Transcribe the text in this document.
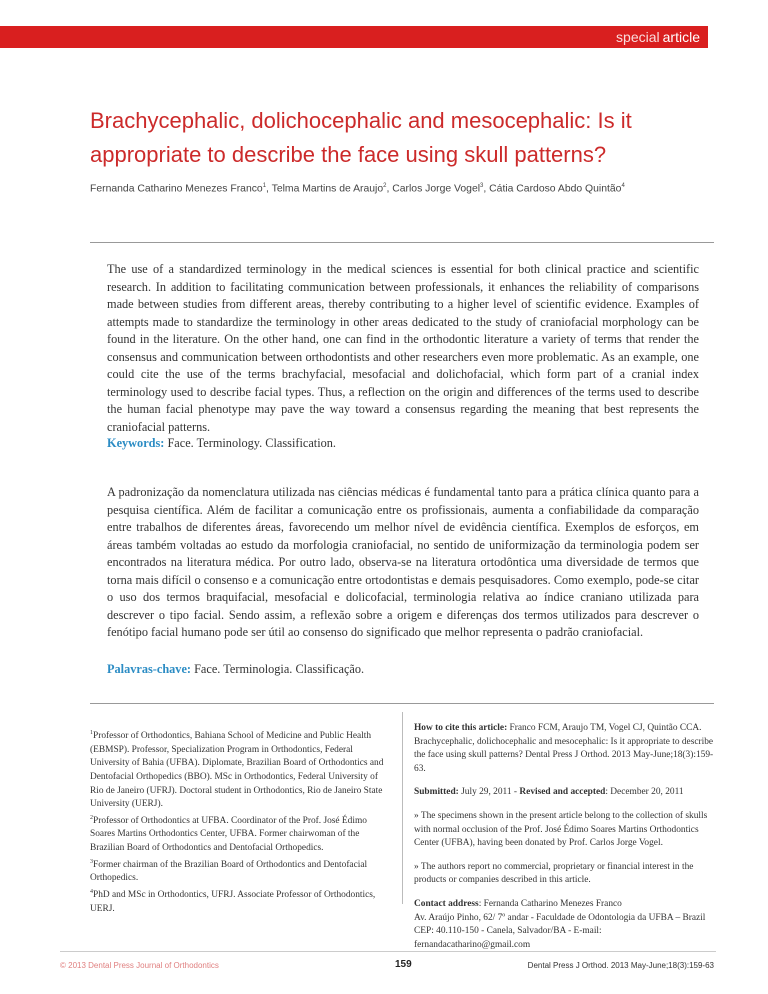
special article
Brachycephalic, dolichocephalic and mesocephalic: Is it appropriate to describe the face using skull patterns?

Fernanda Catharino Menezes Franco$^1$, Telma Martins de Araujo$^2$, Carlos Jorge Vogel$^3$, Cátia Cardoso Abdo Quintão$^4$

The use of a standardized terminology in the medical sciences is essential for both clinical practice and scientific research. In addition to facilitating communication between professionals, it enhances the reliability of comparisons made between studies from different areas, thereby contributing to a higher level of scientific evidence. Examples of attempts made to standardize the terminology in other areas dedicated to the study of craniofacial morphology can be found in the literature. On the other hand, one can find in the orthodontic literature a variety of terms that render the consensus and communication between orthodontists and other researchers even more problematic. As an example, one could cite the use of the terms brachyfacial, mesofacial and dolichofacial, which form part of a cranial index terminology used to describe facial types. Thus, a reflection on the origin and differences of the terms used to describe the human facial phenotype may pave the way toward a consensus regarding the meaning that best represents the craniofacial patterns.

Keywords: Face. Terminology. Classification.

A padronização da nomenclatura utilizada nas ciências médicas é fundamental tanto para a prática clínica quanto para a pesquisa científica. Além de facilitar a comunicação entre os profissionais, aumenta a confiabilidade da comparação entre trabalhos de diferentes áreas, favorecendo um melhor nível de evidência científica. Exemplos de esforços, em áreas também voltadas ao estudo da morfologia craniofacial, no sentido de uniformização da terminologia podem ser encontrados na literatura médica. Por outro lado, observa-se na literatura ortodôntica uma diversidade de termos que torna mais difícil o consenso e a comunicação entre ortodontistas e demais pesquisadores. Como exemplo, pode-se citar o uso dos termos braquifacial, mesofacial e dolicofacial, terminologia relativa ao índice craniano utilizada para descrever o tipo facial. Sendo assim, a reflexão sobre a origem e diferenças dos termos utilizados para descrever o fenótipo facial humano pode ser útil ao consenso do significado que melhor representa o padrão craniofacial.

Palavras-chave: Face. Terminologia. Classificação.

$^1$Professor of Orthodontics, Bahiana School of Medicine and Public Health (EBMSP). Professor, Specialization Program in Orthodontics, Federal University of Bahia (UFBA). Diplomate, Brazilian Board of Orthodontics and Dentofacial Orthopedics (BBO). MSc in Orthodontics, Federal University of Rio de Janeiro (UFRJ). Doctoral student in Orthodontics, Rio de Janeiro State University (UERJ).

$^2$Professor of Orthodontics at UFBA. Coordinator of the Prof. José Édimo Soares Martins Orthodontics Center, UFBA. Former chairwoman of the Brazilian Board of Orthodontics and Dentofacial Orthopedics.

$^3$Former chairman of the Brazilian Board of Orthodontics and Dentofacial Orthopedics.

$^4$PhD and MSc in Orthodontics, UFRJ. Associate Professor of Orthodontics, UERJ.

How to cite this article: Franco FCM, Araujo TM, Vogel CJ, Quintão CCA. Brachycephalic, dolichocephalic and mesocephalic: Is it appropriate to describe the face using skull patterns? Dental Press J Orthod. 2013 May-June;18(3):159-63.

Submitted: July 29, 2011 - Revised and accepted: December 20, 2011

» The specimens shown in the present article belong to the collection of skulls with normal occlusion of the Prof. José Édimo Soares Martins Orthodontics Center (UFBA), having been donated by Prof. Carlos Jorge Vogel.

» The authors report no commercial, proprietary or financial interest in the products or companies described in this article.

Contact address: Fernanda Catharino Menezes Franco
Av. Araújo Pinho, 62/ 7º andar - Faculdade de Odontologia da UFBA – Brazil
CEP: 40.110-150 - Canela, Salvador/BA - E-mail: fernandacatharino@gmail.com

© 2013 Dental Press Journal of Orthodontics	159	Dental Press J Orthod. 2013 May-June;18(3):159-63
